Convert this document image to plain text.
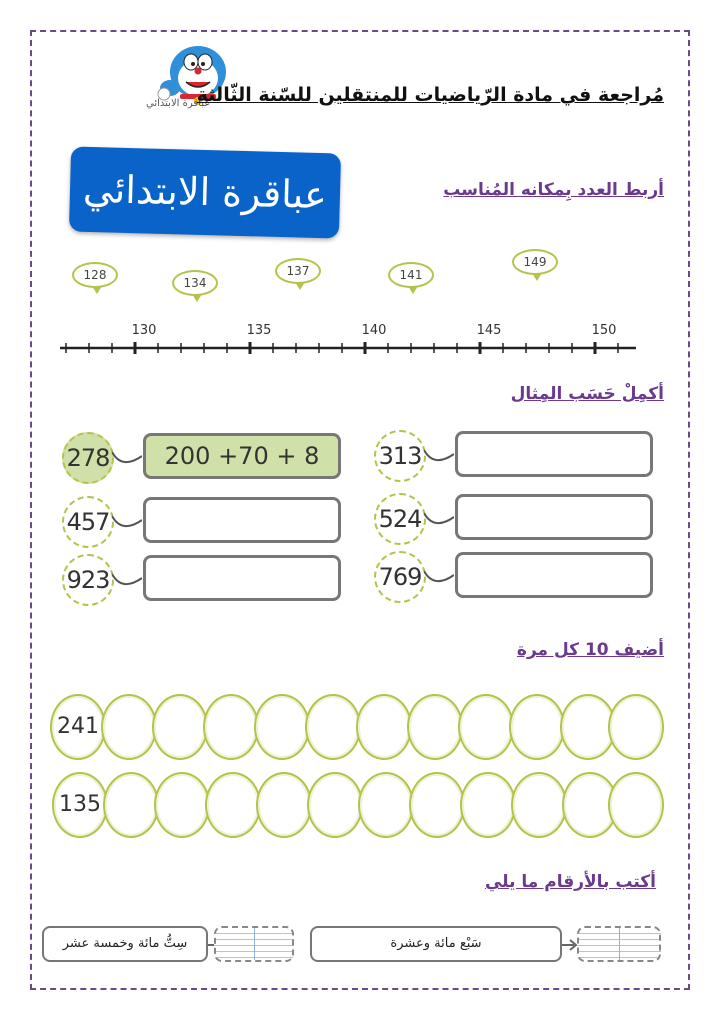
عباقرة الابتدائي
مُراجعة في مادة الرّياضيات للمنتقلين للسّنة الثّالثة
عباقرة الابتدائي	أربط العدد بِمكانه المُناسب
128
134
137	141
149
130	135	140	145	150
أكمِلْ حَسَب المِثال
278	200 +70 + 8
457
923
313
524
769
أضيف 10 كل مرة
241
135
أكتب بالأرقام ما يلي
سِتُّ مائة وخمسة عشر	سَبْع مائة وعشرة
